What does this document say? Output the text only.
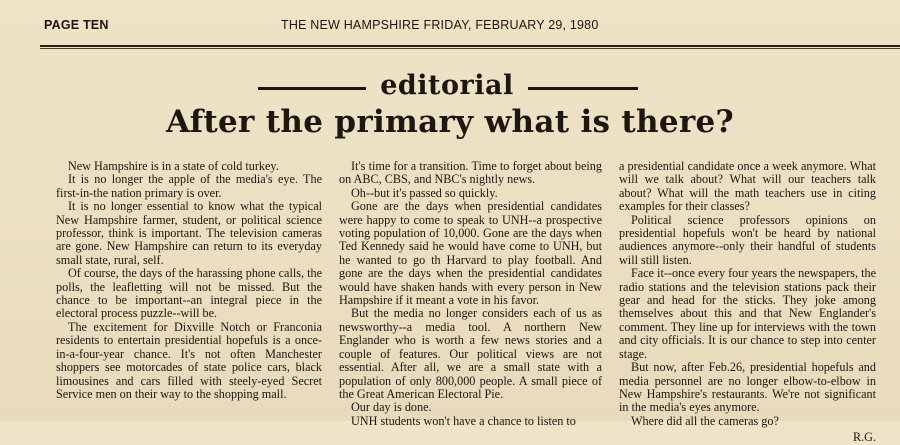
PAGE TEN	THE NEW HAMPSHIRE FRIDAY, FEBRUARY 29, 1980
editorial
After the primary what is there?

New Hampshire is in a state of cold turkey.

It is no longer the apple of the media's eye. The first-in-the nation primary is over.

It is no longer essential to know what the typical New Hampshire farmer, student, or political science professor, think is important. The television cameras are gone. New Hampshire can return to its everyday small state, rural, self.

Of course, the days of the harassing phone calls, the polls, the leafletting will not be missed. But the chance to be important--an integral piece in the electoral process puzzle--will be.

The excitement for Dixville Notch or Franconia residents to entertain presidential hopefuls is a once-in-a-four-year chance. It's not often Manchester shoppers see motorcades of state police cars, black limousines and cars filled with steely-eyed Secret Service men on their way to the shopping mall.

It's time for a transition. Time to forget about being on ABC, CBS, and NBC's nightly news.

Oh--but it's passed so quickly.

Gone are the days when presidential candidates were happy to come to speak to UNH--a prospective voting population of 10,000. Gone are the days when Ted Kennedy said he would have come to UNH, but he wanted to go th Harvard to play football. And gone are the days when the presidential candidates would have shaken hands with every person in New Hampshire if it meant a vote in his favor.

But the media no longer considers each of us as newsworthy--a media tool. A northern New Englander who is worth a few news stories and a couple of features. Our political views are not essential. After all, we are a small state with a population of only 800,000 people. A small piece of the Great American Electoral Pie.

Our day is done.

UNH students won't have a chance to listen to

a presidential candidate once a week anymore. What will we talk about? What will our teachers talk about? What will the math teachers use in citing examples for their classes?

Political science professors opinions on presidential hopefuls won't be heard by national audiences anymore--only their handful of students will still listen.

Face it--once every four years the newspapers, the radio stations and the television stations pack their gear and head for the sticks. They joke among themselves about this and that New Englander's comment. They line up for interviews with the town and city officials. It is our chance to step into center stage.

But now, after Feb.26, presidential hopefuls and media personnel are no longer elbow-to-elbow in New Hampshire's restaurants. We're not significant in the media's eyes anymore.

Where did all the cameras go?

R.G.
